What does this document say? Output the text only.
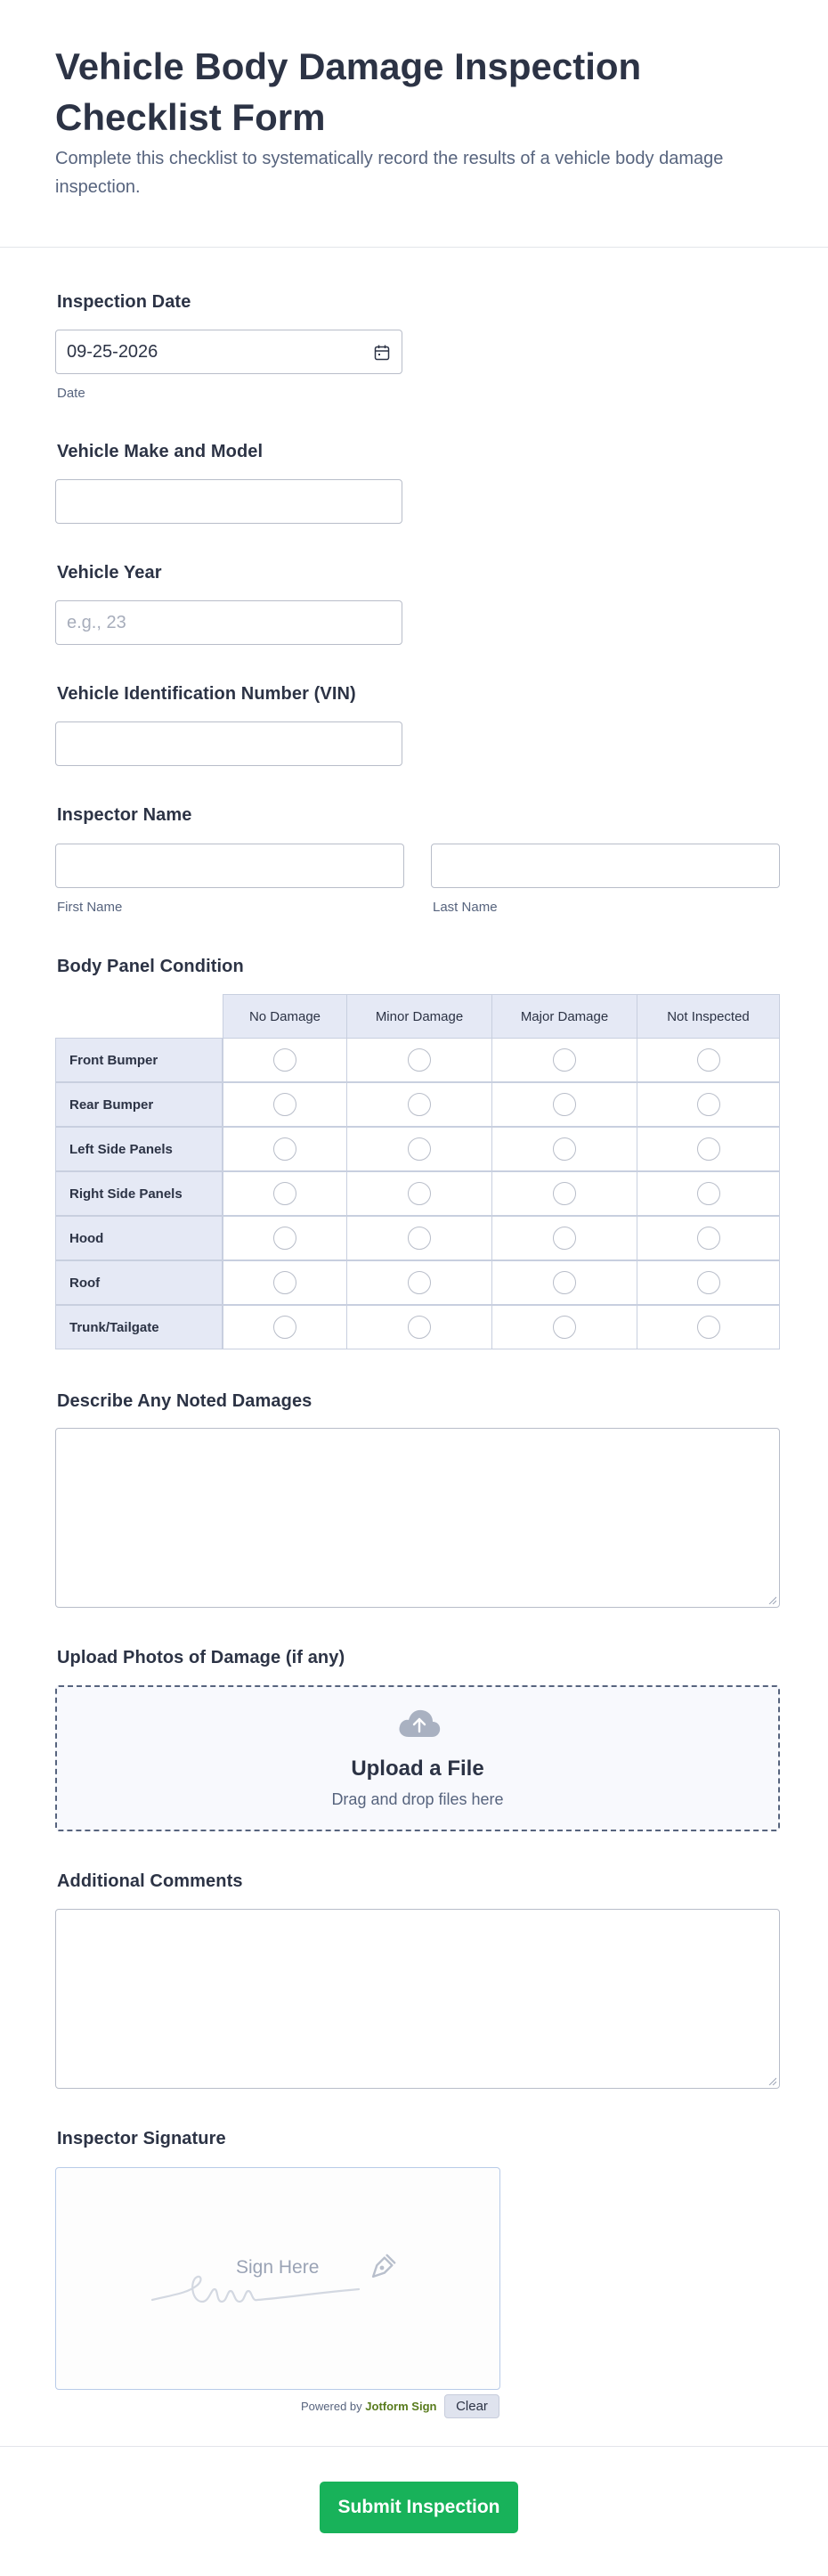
Vehicle Body Damage Inspection Checklist Form
Complete this checklist to systematically record the results of a vehicle body damage inspection.
Inspection Date
09-25-2026
Date
Vehicle Make and Model
Vehicle Year
e.g., 23
Vehicle Identification Number (VIN)
Inspector Name
First Name	Last Name
Body Panel Condition
No Damage	Minor Damage	Major Damage	Not Inspected
Front Bumper
Rear Bumper
Left Side Panels
Right Side Panels
Hood
Roof
Trunk/Tailgate
Describe Any Noted Damages
Upload Photos of Damage (if any)
Upload a File
Drag and drop files here
Additional Comments
Inspector Signature
Sign Here
Powered by Jotform Sign	Clear
Submit Inspection
